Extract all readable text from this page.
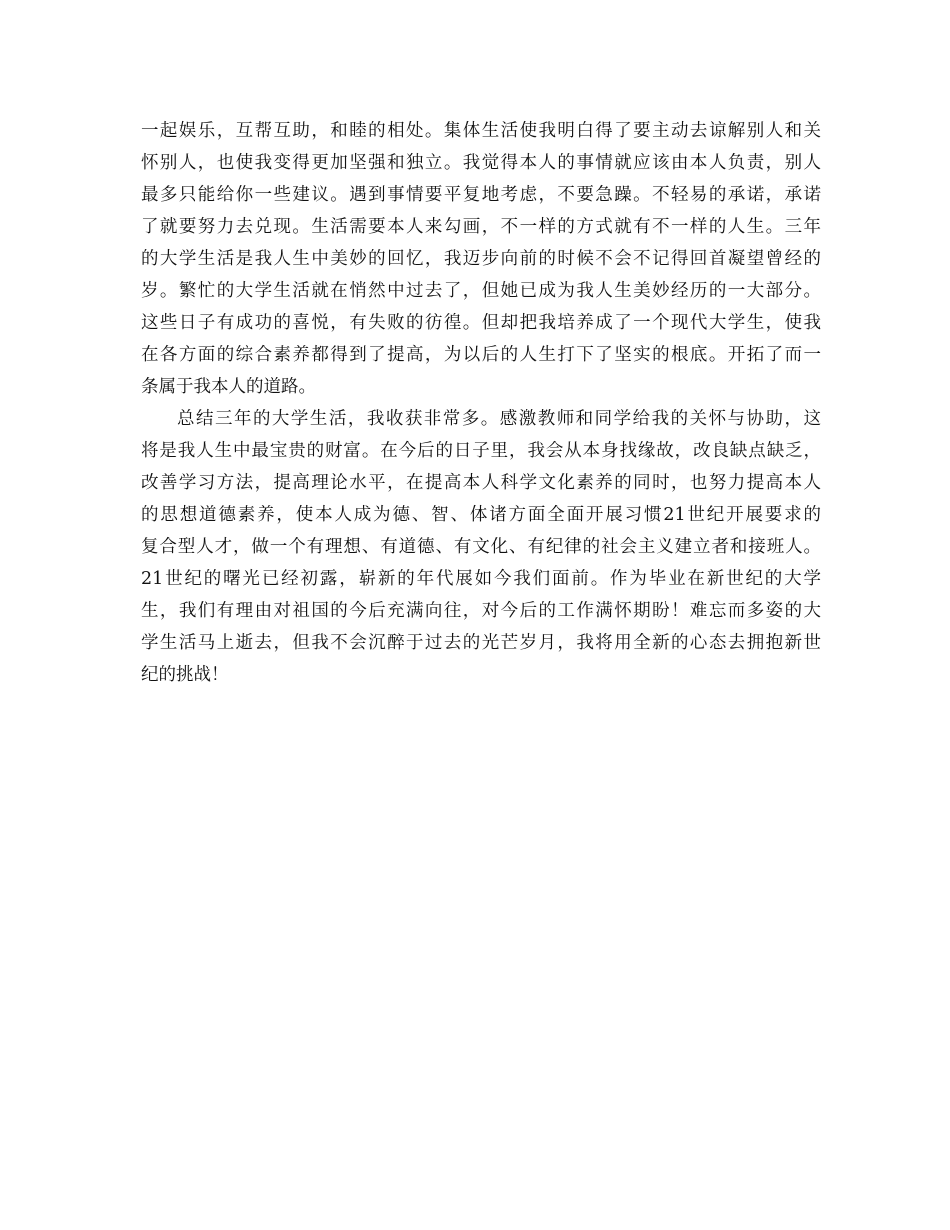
一起娱乐，互帮互助，和睦的相处。集体生活使我明白得了要主动去谅解别人和关
怀别人，也使我变得更加坚强和独立。我觉得本人的事情就应该由本人负责，别人
最多只能给你一些建议。遇到事情要平复地考虑，不要急躁。不轻易的承诺，承诺
了就要努力去兑现。生活需要本人来勾画，不一样的方式就有不一样的人生。三年
的大学生活是我人生中美妙的回忆，我迈步向前的时候不会不记得回首凝望曾经的
岁。繁忙的大学生活就在悄然中过去了，但她已成为我人生美妙经历的一大部分。
这些日子有成功的喜悦，有失败的彷徨。但却把我培养成了一个现代大学生，使我
在各方面的综合素养都得到了提高，为以后的人生打下了坚实的根底。开拓了而一
条属于我本人的道路。
总结三年的大学生活，我收获非常多。感激教师和同学给我的关怀与协助，这
将是我人生中最宝贵的财富。在今后的日子里，我会从本身找缘故，改良缺点缺乏，
改善学习方法，提高理论水平，在提高本人科学文化素养的同时，也努力提高本人
的思想道德素养，使本人成为德、智、体诸方面全面开展习惯21世纪开展要求的
复合型人才，做一个有理想、有道德、有文化、有纪律的社会主义建立者和接班人。
21世纪的曙光已经初露，崭新的年代展如今我们面前。作为毕业在新世纪的大学
生，我们有理由对祖国的今后充满向往，对今后的工作满怀期盼！难忘而多姿的大
学生活马上逝去，但我不会沉醉于过去的光芒岁月，我将用全新的心态去拥抱新世
纪的挑战！
